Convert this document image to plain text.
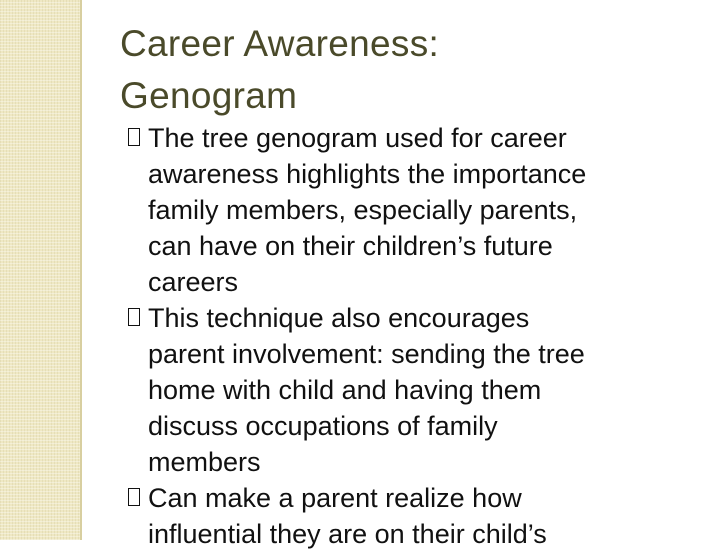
Career Awareness:
Genogram
The tree genogram used for career
awareness highlights the importance
family members, especially parents,
can have on their children’s future
careers
This technique also encourages
parent involvement: sending the tree
home with child and having them
discuss occupations of family
members
Can make a parent realize how
influential they are on their child’s
